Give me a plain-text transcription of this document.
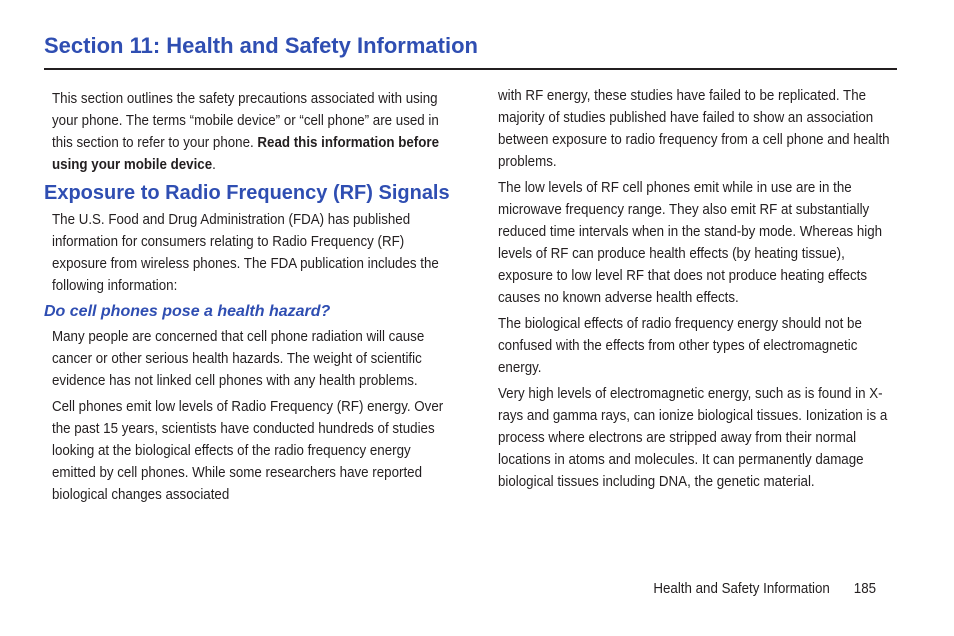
Section 11: Health and Safety Information

This section outlines the safety precautions associated with using your phone. The terms “mobile device” or “cell phone” are used in this section to refer to your phone. Read this information before using your mobile device.

Exposure to Radio Frequency (RF) Signals

The U.S. Food and Drug Administration (FDA) has published information for consumers relating to Radio Frequency (RF) exposure from wireless phones. The FDA publication includes the following information:

Do cell phones pose a health hazard?

Many people are concerned that cell phone radiation will cause cancer or other serious health hazards. The weight of scientific evidence has not linked cell phones with any health problems.

Cell phones emit low levels of Radio Frequency (RF) energy. Over the past 15 years, scientists have conducted hundreds of studies looking at the biological effects of the radio frequency energy emitted by cell phones. While some researchers have reported biological changes associated

with RF energy, these studies have failed to be replicated. The majority of studies published have failed to show an association between exposure to radio frequency from a cell phone and health problems.

The low levels of RF cell phones emit while in use are in the microwave frequency range. They also emit RF at substantially reduced time intervals when in the stand-by mode. Whereas high levels of RF can produce health effects (by heating tissue), exposure to low level RF that does not produce heating effects causes no known adverse health effects.

The biological effects of radio frequency energy should not be confused with the effects from other types of electromagnetic energy.

Very high levels of electromagnetic energy, such as is found in X-rays and gamma rays, can ionize biological tissues. Ionization is a process where electrons are stripped away from their normal locations in atoms and molecules. It can permanently damage biological tissues including DNA, the genetic material.

Health and Safety Information 185
